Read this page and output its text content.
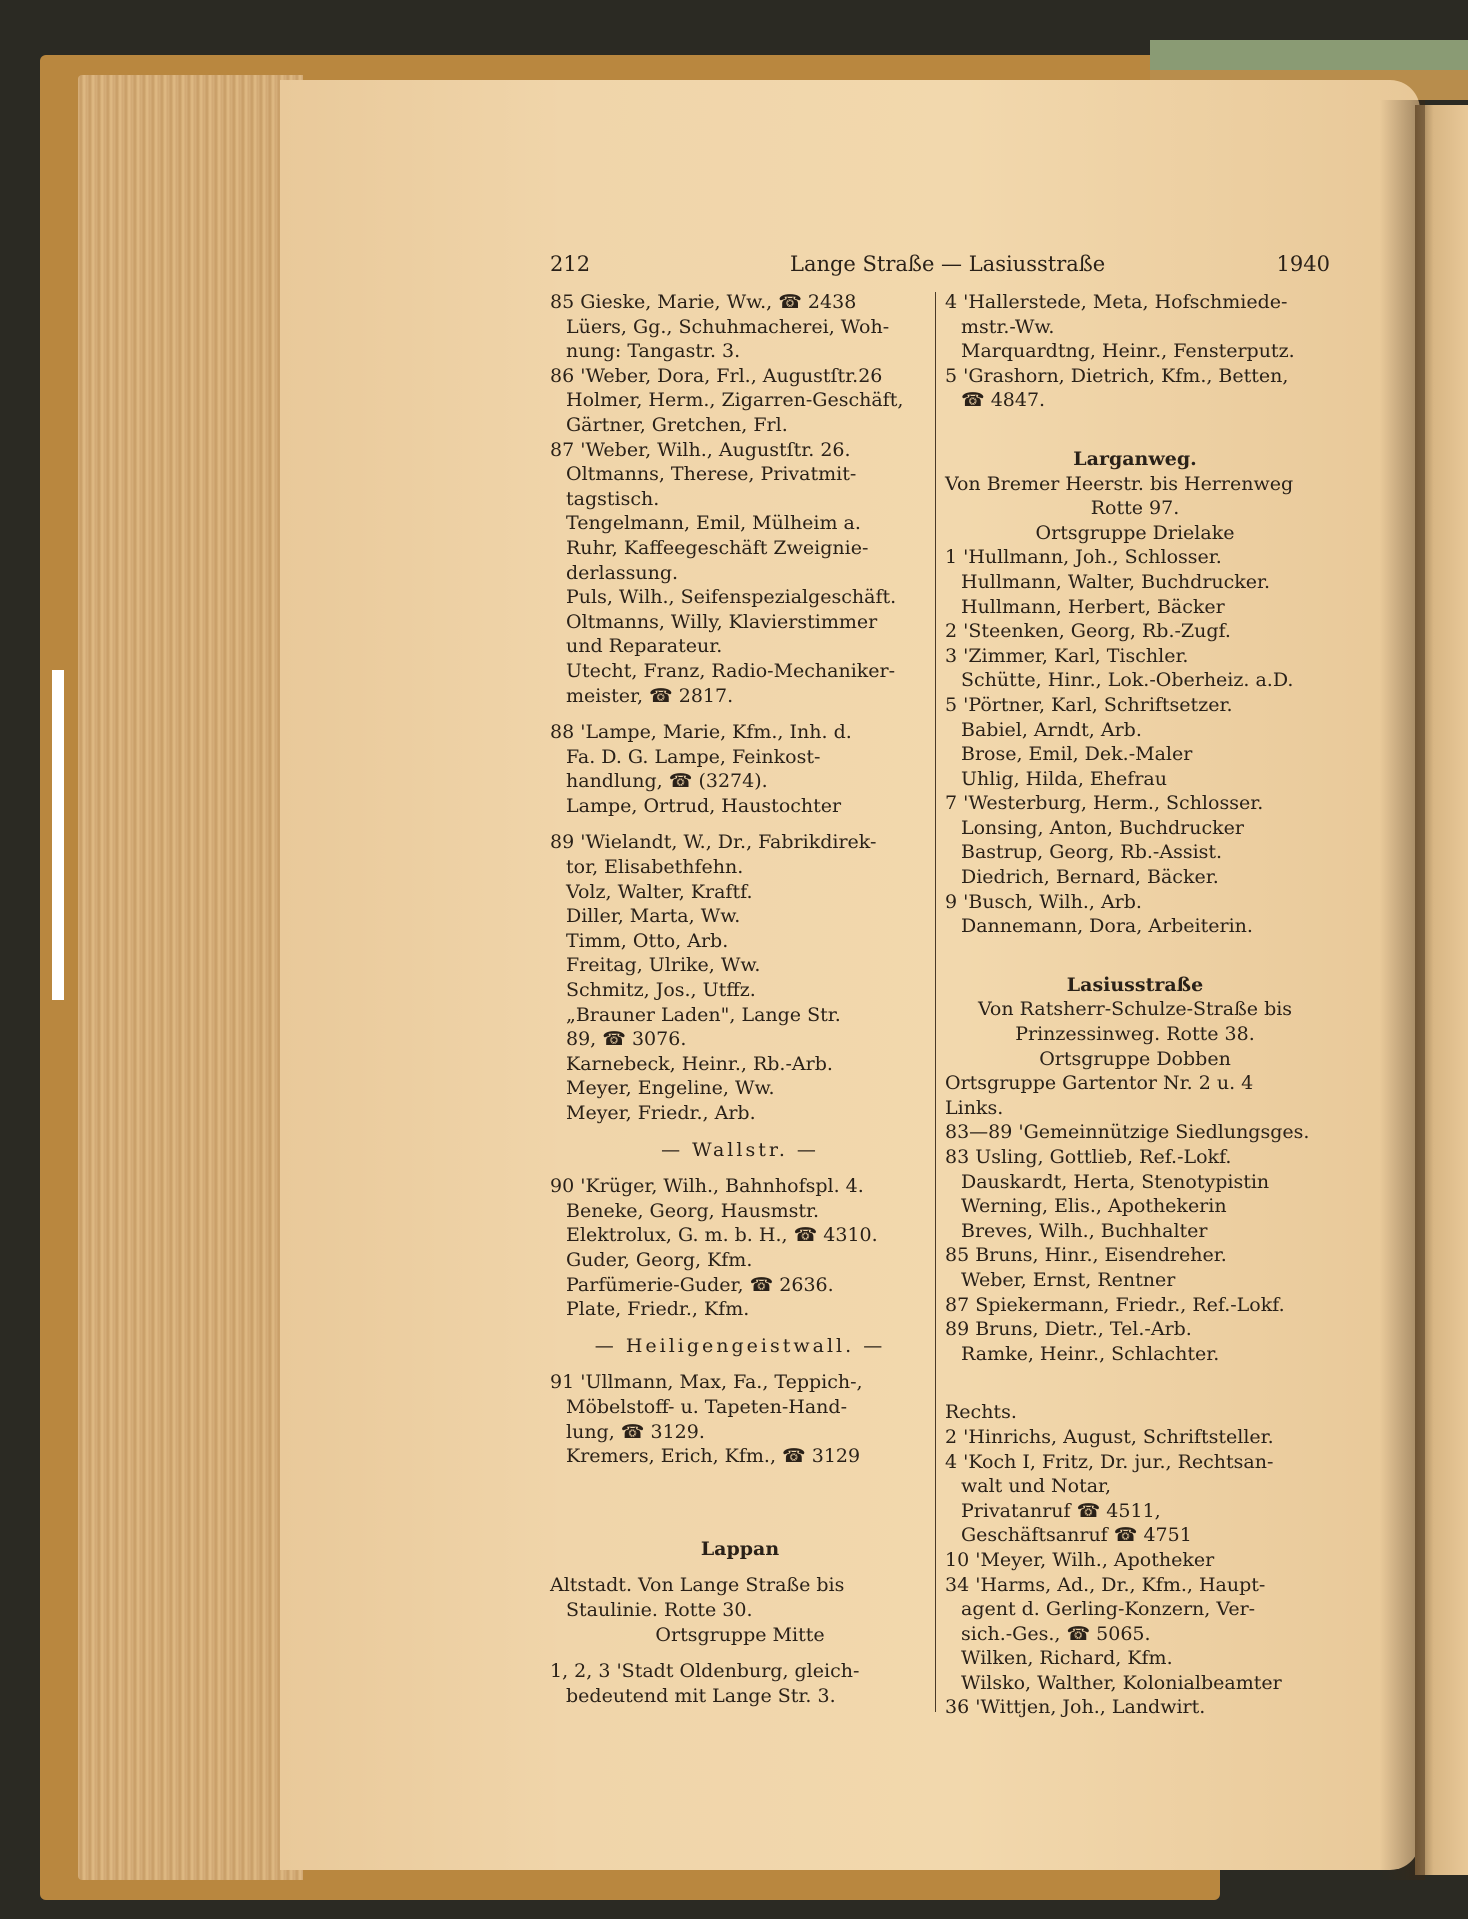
212	Lange Straße — Lasiusstraße	1940
85 Gieske, Marie, Ww., ☎ 2438
Lüers, Gg., Schuhmacherei, Woh-
nung: Tangastr. 3.
86 'Weber, Dora, Frl., Augustſtr.26
Holmer, Herm., Zigarren-Geschäft,
Gärtner, Gretchen, Frl.
87 'Weber, Wilh., Augustſtr. 26.
Oltmanns, Therese, Privatmit-
tagstisch.
Tengelmann, Emil, Mülheim a.
Ruhr, Kaffeegeschäft Zweignie-
derlassung.
Puls, Wilh., Seifenspezialgeschäft.
Oltmanns, Willy, Klavierstimmer
und Reparateur.
Utecht, Franz, Radio-Mechaniker-
meister, ☎ 2817.
88 'Lampe, Marie, Kfm., Inh. d.
Fa. D. G. Lampe, Feinkost-
handlung, ☎ (3274).
Lampe, Ortrud, Haustochter
89 'Wielandt, W., Dr., Fabrikdirek-
tor, Elisabethfehn.
Volz, Walter, Kraftf.
Diller, Marta, Ww.
Timm, Otto, Arb.
Freitag, Ulrike, Ww.
Schmitz, Jos., Utffz.
„Brauner Laden", Lange Str.
89, ☎ 3076.
Karnebeck, Heinr., Rb.-Arb.
Meyer, Engeline, Ww.
Meyer, Friedr., Arb.
— Wallstr. —
90 'Krüger, Wilh., Bahnhofspl. 4.
Beneke, Georg, Hausmstr.
Elektrolux, G. m. b. H., ☎ 4310.
Guder, Georg, Kfm.
Parfümerie-Guder, ☎ 2636.
Plate, Friedr., Kfm.
— Heiligengeistwall. —
91 'Ullmann, Max, Fa., Teppich-,
Möbelstoff- u. Tapeten-Hand-
lung, ☎ 3129.
Kremers, Erich, Kfm., ☎ 3129
Lappan
Altstadt. Von Lange Straße bis
Staulinie. Rotte 30.
Ortsgruppe Mitte
1, 2, 3 'Stadt Oldenburg, gleich-
bedeutend mit Lange Str. 3.
4 'Hallerstede, Meta, Hofschmiede-
mstr.-Ww.
Marquardtng, Heinr., Fensterputz.
5 'Grashorn, Dietrich, Kfm., Betten,
☎ 4847.
Larganweg.
Von Bremer Heerstr. bis Herrenweg
Rotte 97.
Ortsgruppe Drielake
1 'Hullmann, Joh., Schlosser.
Hullmann, Walter, Buchdrucker.
Hullmann, Herbert, Bäcker
2 'Steenken, Georg, Rb.-Zugf.
3 'Zimmer, Karl, Tischler.
Schütte, Hinr., Lok.-Oberheiz. a.D.
5 'Pörtner, Karl, Schriftsetzer.
Babiel, Arndt, Arb.
Brose, Emil, Dek.-Maler
Uhlig, Hilda, Ehefrau
7 'Westerburg, Herm., Schlosser.
Lonsing, Anton, Buchdrucker
Bastrup, Georg, Rb.-Assist.
Diedrich, Bernard, Bäcker.
9 'Busch, Wilh., Arb.
Dannemann, Dora, Arbeiterin.
Lasiusstraße
Von Ratsherr-Schulze-Straße bis
Prinzessinweg. Rotte 38.
Ortsgruppe Dobben
Ortsgruppe Gartentor Nr. 2 u. 4
Links.
83—89 'Gemeinnützige Siedlungsges.
83 Usling, Gottlieb, Ref.-Lokf.
Dauskardt, Herta, Stenotypistin
Werning, Elis., Apothekerin
Breves, Wilh., Buchhalter
85 Bruns, Hinr., Eisendreher.
Weber, Ernst, Rentner
87 Spiekermann, Friedr., Ref.-Lokf.
89 Bruns, Dietr., Tel.-Arb.
Ramke, Heinr., Schlachter.
Rechts.
2 'Hinrichs, August, Schriftsteller.
4 'Koch I, Fritz, Dr. jur., Rechtsan-
walt und Notar,
Privatanruf ☎ 4511,
Geschäftsanruf ☎ 4751
10 'Meyer, Wilh., Apotheker
34 'Harms, Ad., Dr., Kfm., Haupt-
agent d. Gerling-Konzern, Ver-
sich.-Ges., ☎ 5065.
Wilken, Richard, Kfm.
Wilsko, Walther, Kolonialbeamter
36 'Wittjen, Joh., Landwirt.
